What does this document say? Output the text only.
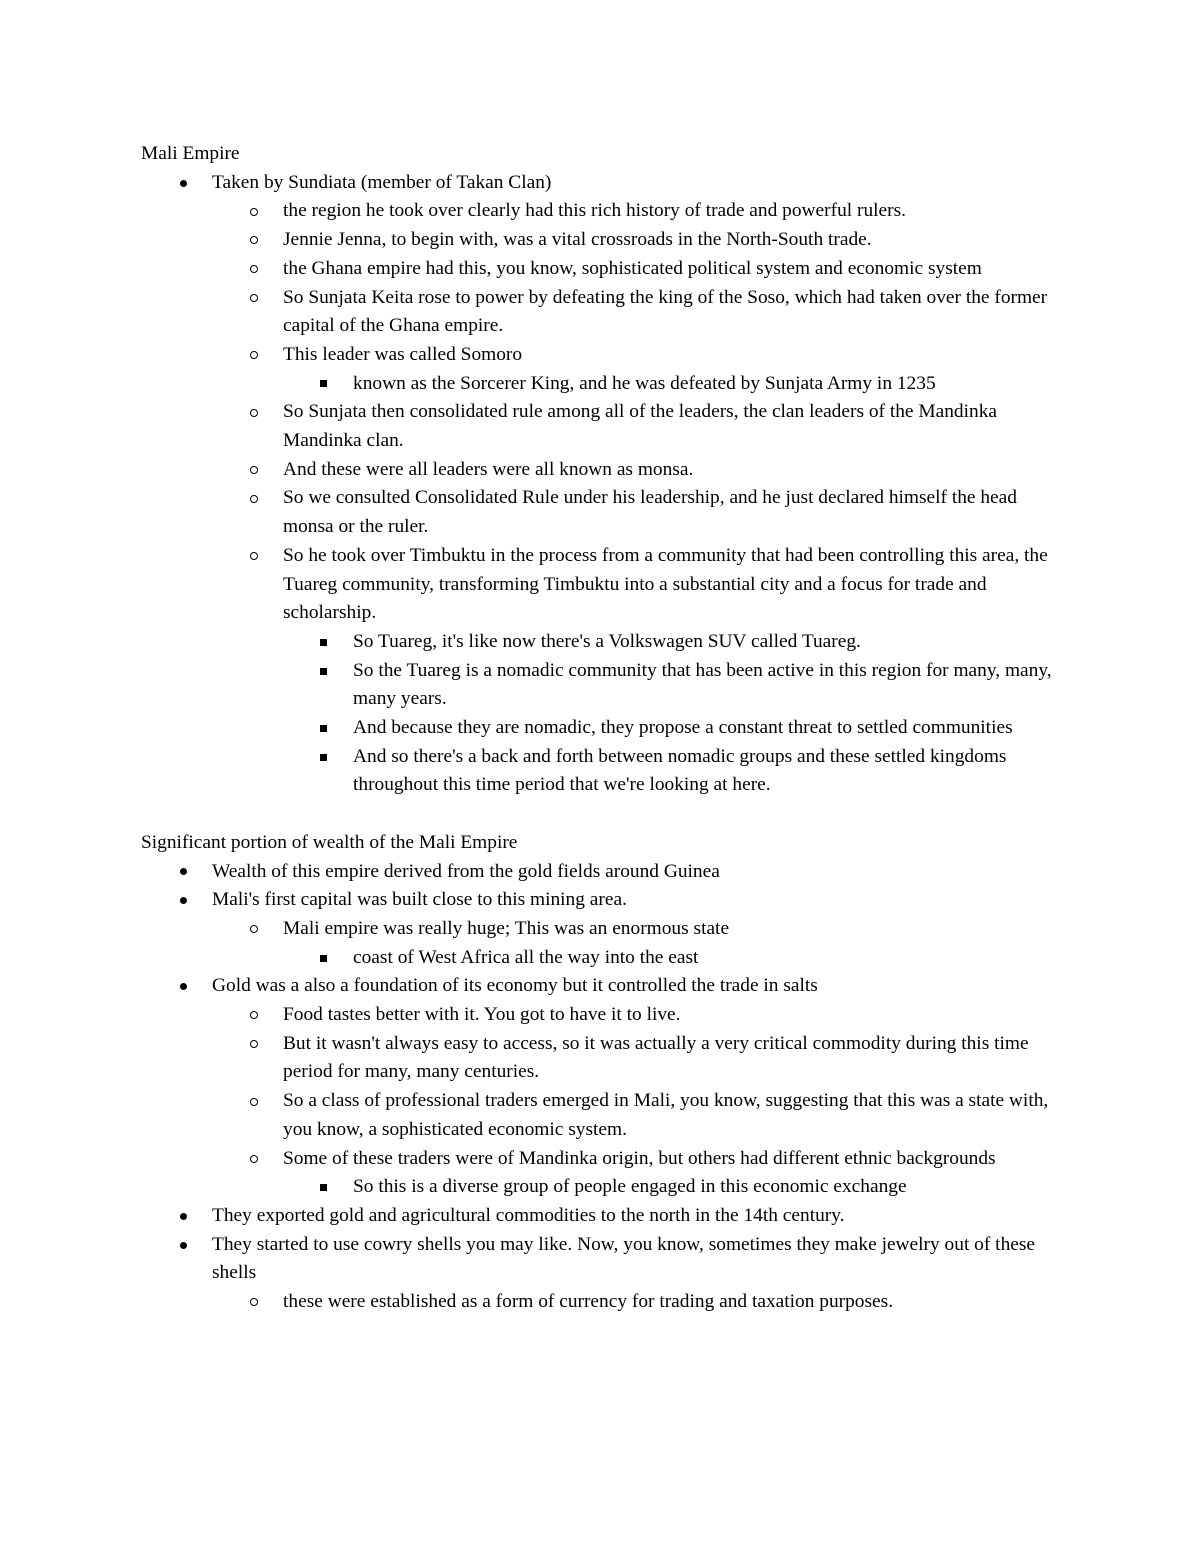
Mali Empire

Taken by Sundiata (member of Takan Clan)
the region he took over clearly had this rich history of trade and powerful rulers.
Jennie Jenna, to begin with, was a vital crossroads in the North-South trade.
the Ghana empire had this, you know, sophisticated political system and economic system
So Sunjata Keita rose to power by defeating the king of the Soso, which had taken over the former capital of the Ghana empire.
This leader was called Somoro
known as the Sorcerer King, and he was defeated by Sunjata Army in 1235
So Sunjata then consolidated rule among all of the leaders, the clan leaders of the Mandinka Mandinka clan.
And these were all leaders were all known as monsa.
So we consulted Consolidated Rule under his leadership, and he just declared himself the head monsa or the ruler.
So he took over Timbuktu in the process from a community that had been controlling this area, the Tuareg community, transforming Timbuktu into a substantial city and a focus for trade and scholarship.
So Tuareg, it's like now there's a Volkswagen SUV called Tuareg.
So the Tuareg is a nomadic community that has been active in this region for many, many, many years.
And because they are nomadic, they propose a constant threat to settled communities
And so there's a back and forth between nomadic groups and these settled kingdoms throughout this time period that we're looking at here.

Significant portion of wealth of the Mali Empire

Wealth of this empire derived from the gold fields around Guinea
Mali's first capital was built close to this mining area.
Mali empire was really huge; This was an enormous state
coast of West Africa all the way into the east
Gold was a also a foundation of its economy but it controlled the trade in salts
Food tastes better with it. You got to have it to live.
But it wasn't always easy to access, so it was actually a very critical commodity during this time period for many, many centuries.
So a class of professional traders emerged in Mali, you know, suggesting that this was a state with, you know, a sophisticated economic system.
Some of these traders were of Mandinka origin, but others had different ethnic backgrounds
So this is a diverse group of people engaged in this economic exchange
They exported gold and agricultural commodities to the north in the 14th century.
They started to use cowry shells you may like. Now, you know, sometimes they make jewelry out of these shells
these were established as a form of currency for trading and taxation purposes.
